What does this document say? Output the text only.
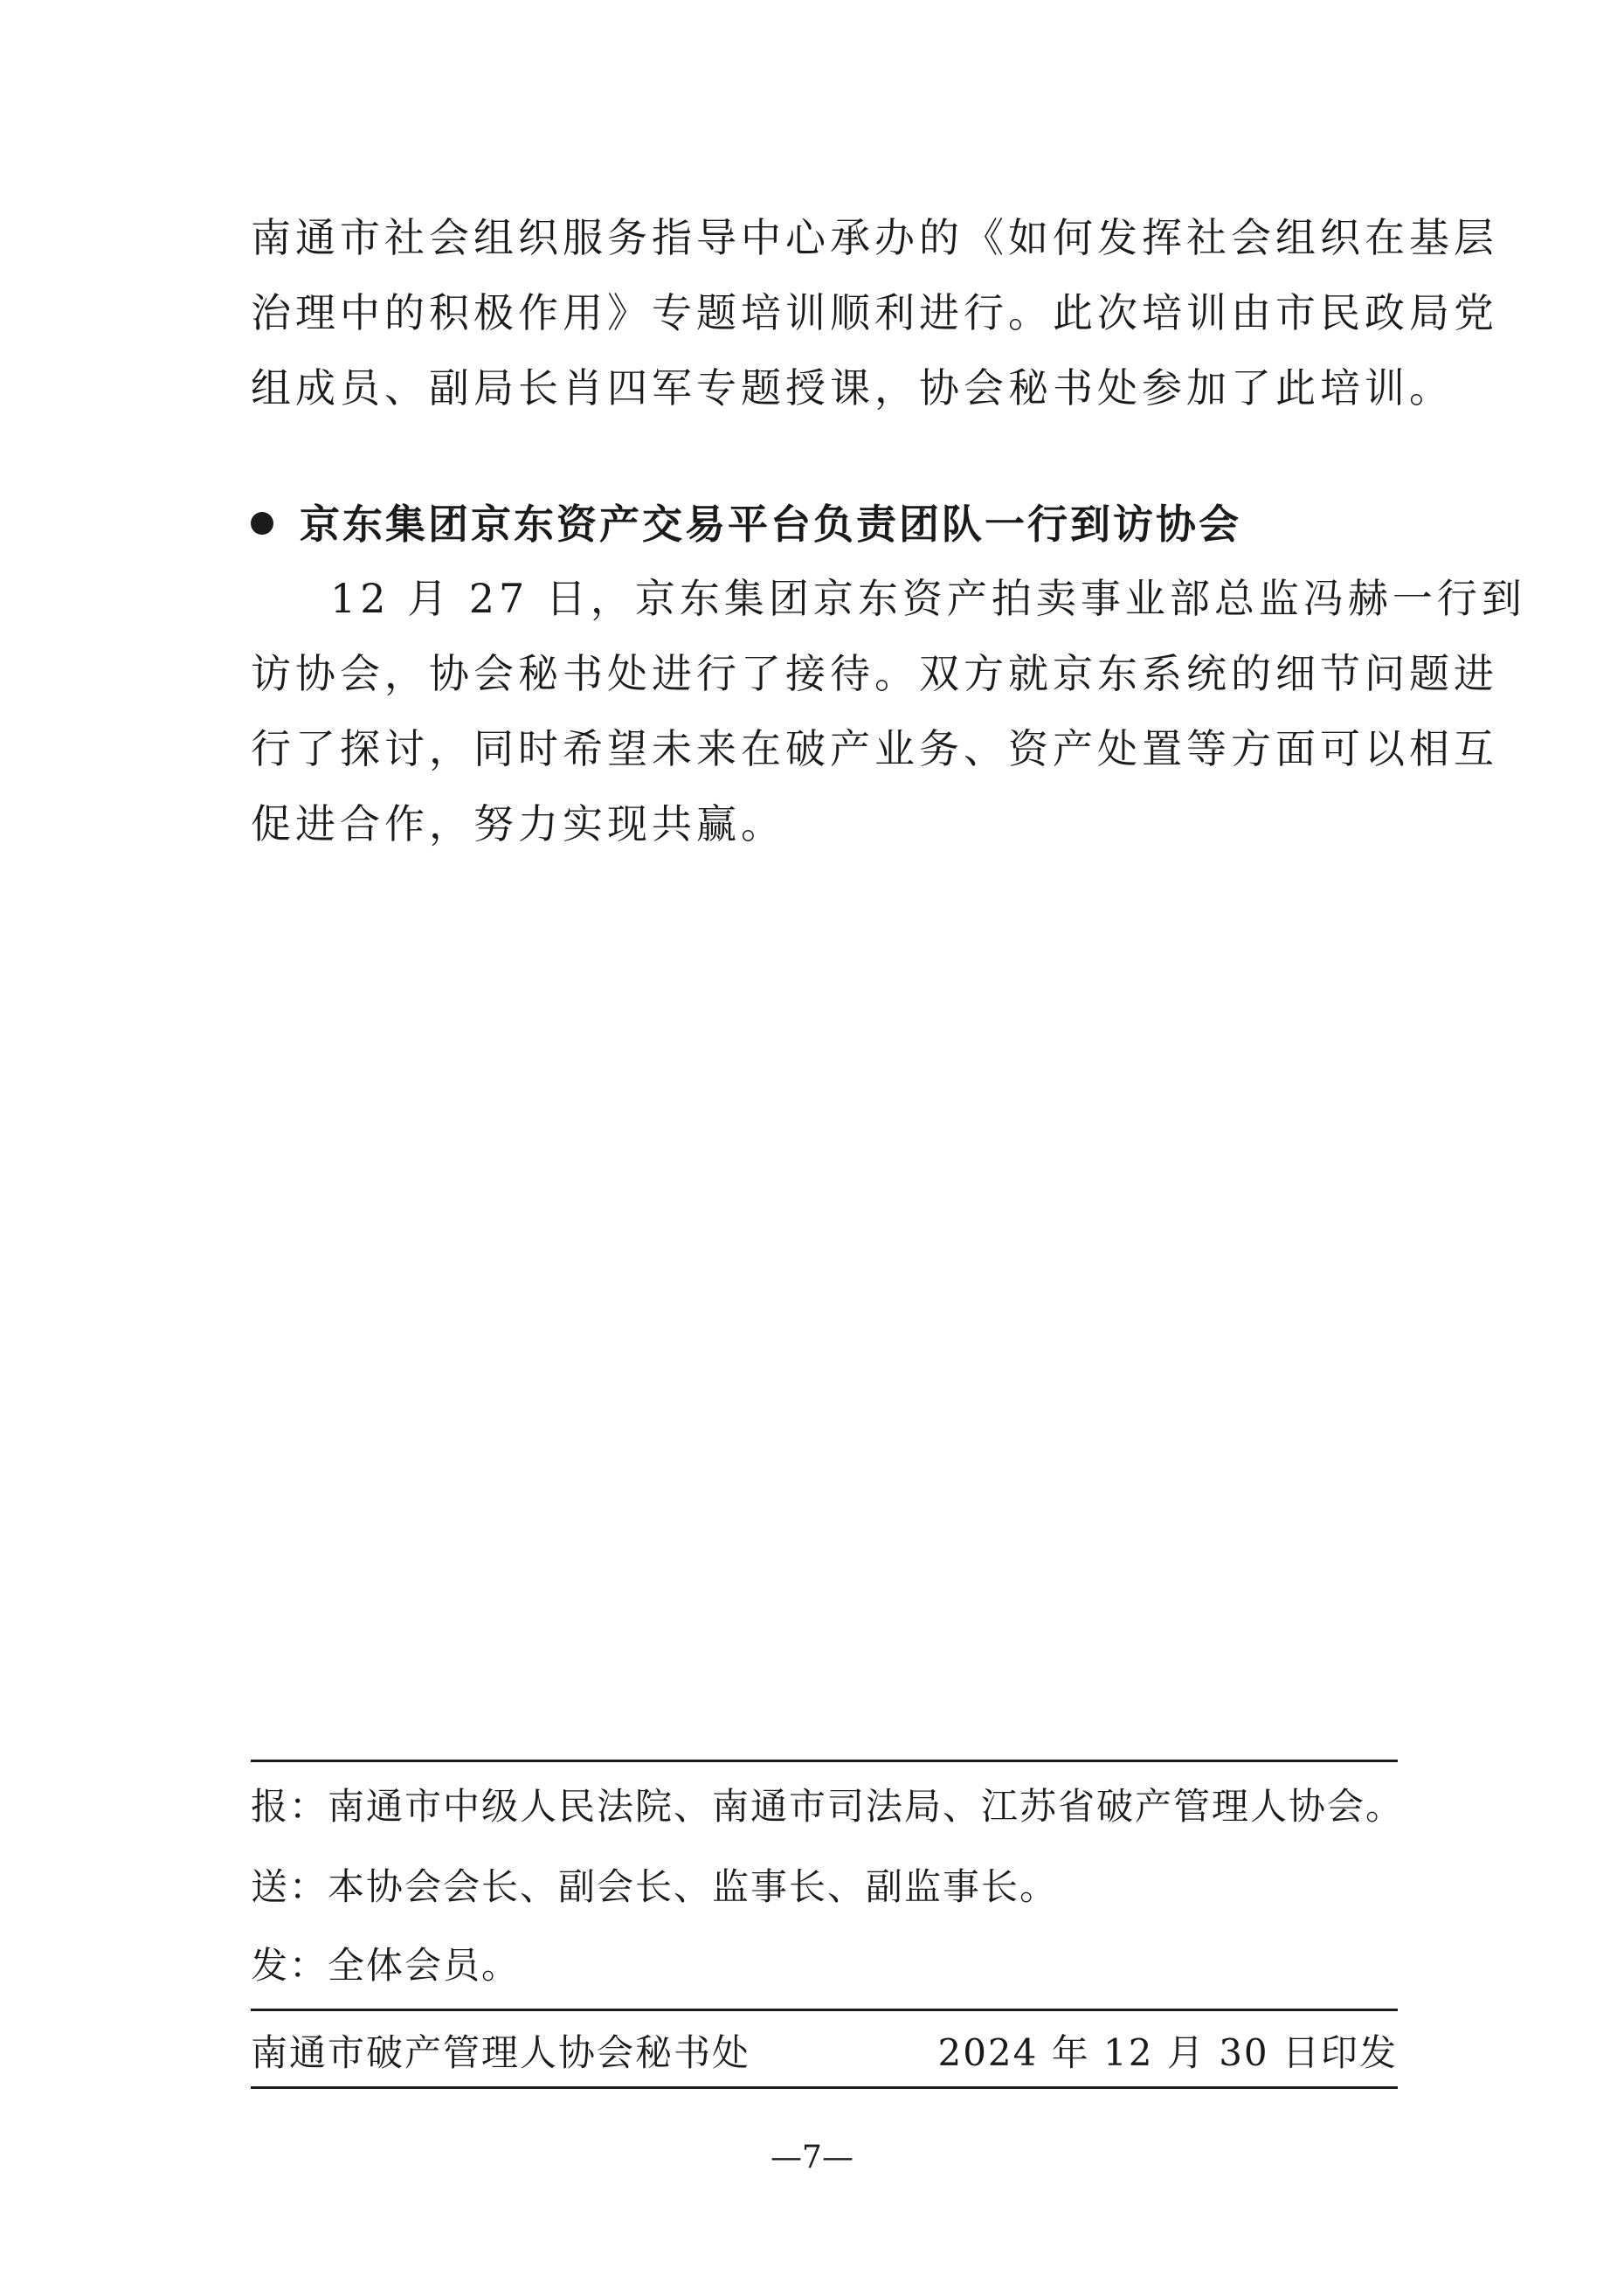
南通市社会组织服务指导中心承办的《如何发挥社会组织在基层
治理中的积极作用》专题培训顺利进行。此次培训由市民政局党
组成员、副局长肖四军专题授课，协会秘书处参加了此培训。
京东集团京东资产交易平台负责团队一行到访协会
12 月 27 日，京东集团京东资产拍卖事业部总监冯赫一行到
访协会，协会秘书处进行了接待。双方就京东系统的细节问题进
行了探讨，同时希望未来在破产业务、资产处置等方面可以相互
促进合作，努力实现共赢。
报：南通市中级人民法院、南通市司法局、江苏省破产管理人协会。
送：本协会会长、副会长、监事长、副监事长。
发：全体会员。
南通市破产管理人协会秘书处	2024 年 12 月 30 日印发
—7—
